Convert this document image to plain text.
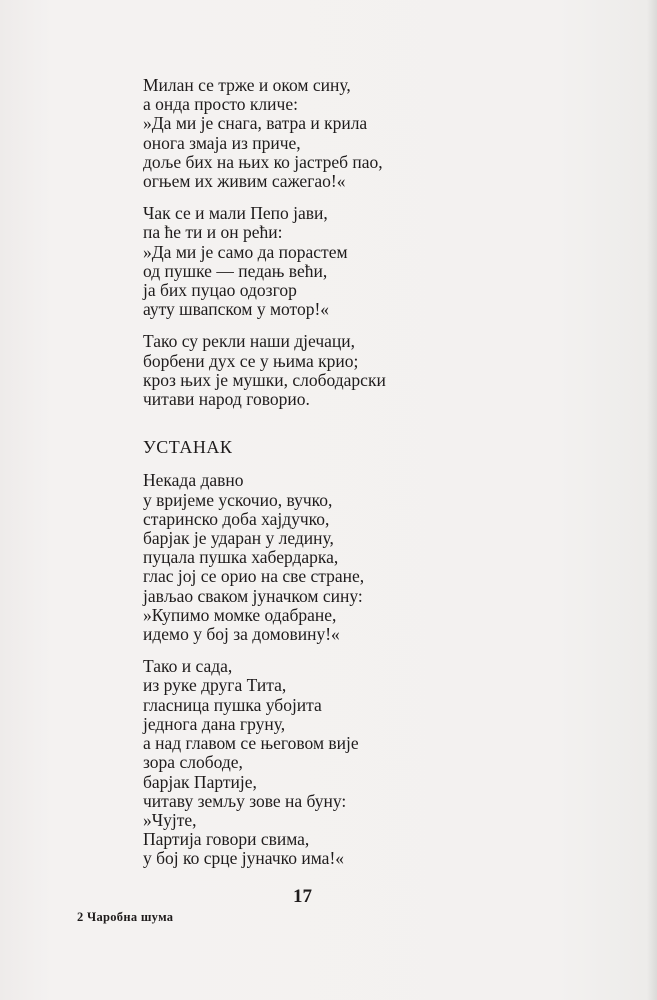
Милан се трже и оком сину,
а онда просто кличе:
»Да ми је снага, ватра и крила
онога змаја из приче,
доље бих на њих ко јастреб пао,
огњем их живим сажегао!«
Чак се и мали Пепо јави,
па ће ти и он рећи:
»Да ми је само да порастем
од пушке — педањ већи,
ја бих пуцао одозгор
ауту швапском у мотор!«
Тако су рекли наши дјечаци,
борбени дух се у њима крио;
кроз њих је мушки, слободарски
читави народ говорио.
УСТАНАК
Некада давно
у вријеме ускочио, вучко,
старинско доба хајдучко,
барјак је ударан у ледину,
пуцала пушка хабердарка,
глас јој се орио на све стране,
јављао сваком јуначком сину:
»Купимо момке одабране,
идемо у бој за домовину!«
Тако и сада,
из руке друга Тита,
гласница пушка убојита
једнога дана груну,
а над главом се његовом вије
зора слободе,
барјак Партије,
читаву земљу зове на буну:
»Чујте,
Партија говори свима,
у бој ко срце јуначко има!«
17
2 Чаробна шума
